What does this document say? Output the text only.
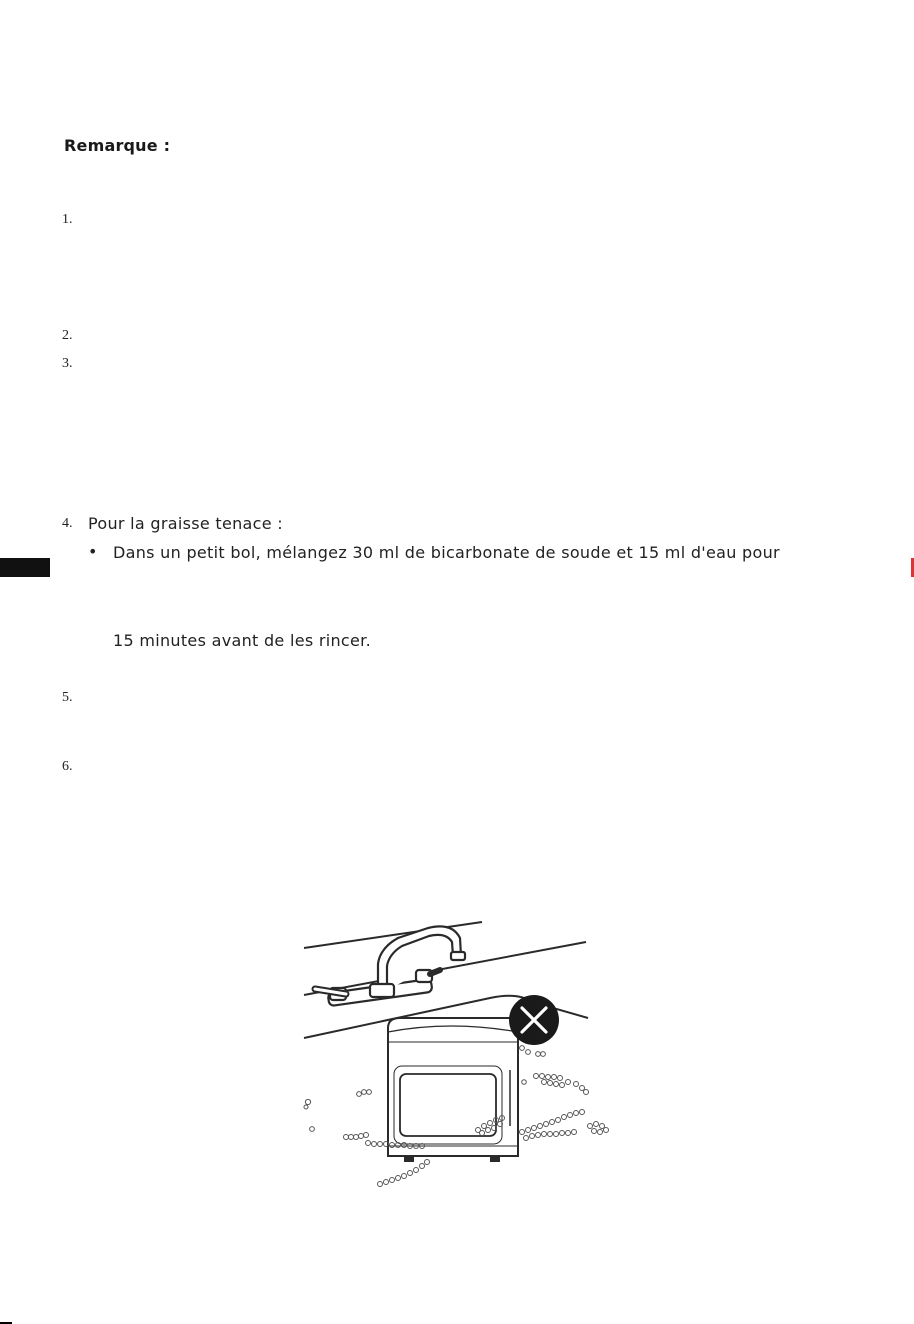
Remarque :
1.
2.
3.
4.
5.
6.
Pour la graisse tenace :
• Dans un petit bol, mélangez 30 ml de bicarbonate de soude et 15 ml d'eau pour
15 minutes avant de les rincer.
